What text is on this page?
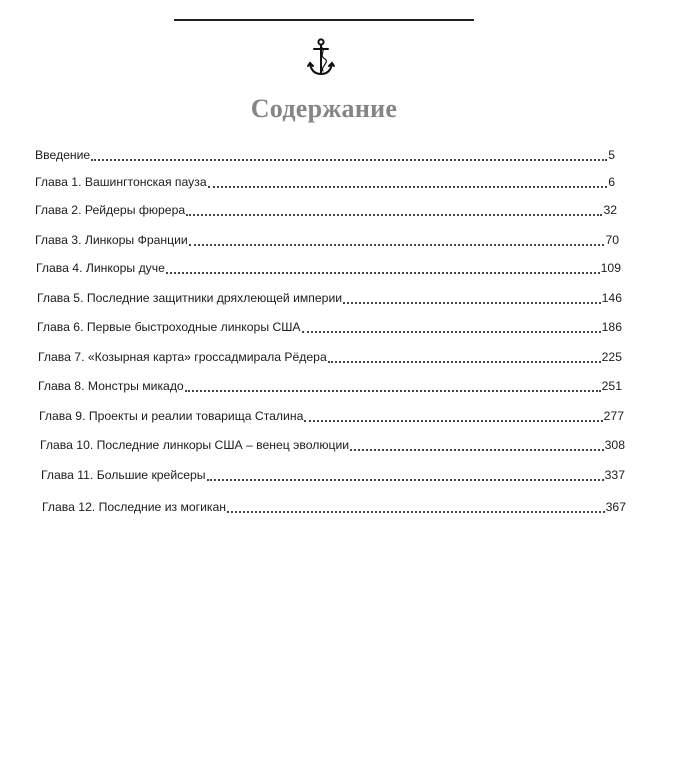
Содержание
Введение	5
Глава 1. Вашингтонская пауза	6
Глава 2. Рейдеры фюрера	32
Глава 3. Линкоры Франции	70
Глава 4. Линкоры дуче	109
Глава 5. Последние защитники дряхлеющей империи	146
Глава 6. Первые быстроходные линкоры США	186
Глава 7. «Козырная карта» гроссадмирала Рёдера	225
Глава 8. Монстры микадо	251
Глава 9. Проекты и реалии товарища Сталина	277
Глава 10. Последние линкоры США – венец эволюции	308
Глава 11. Большие крейсеры	337
Глава 12. Последние из могикан	367
